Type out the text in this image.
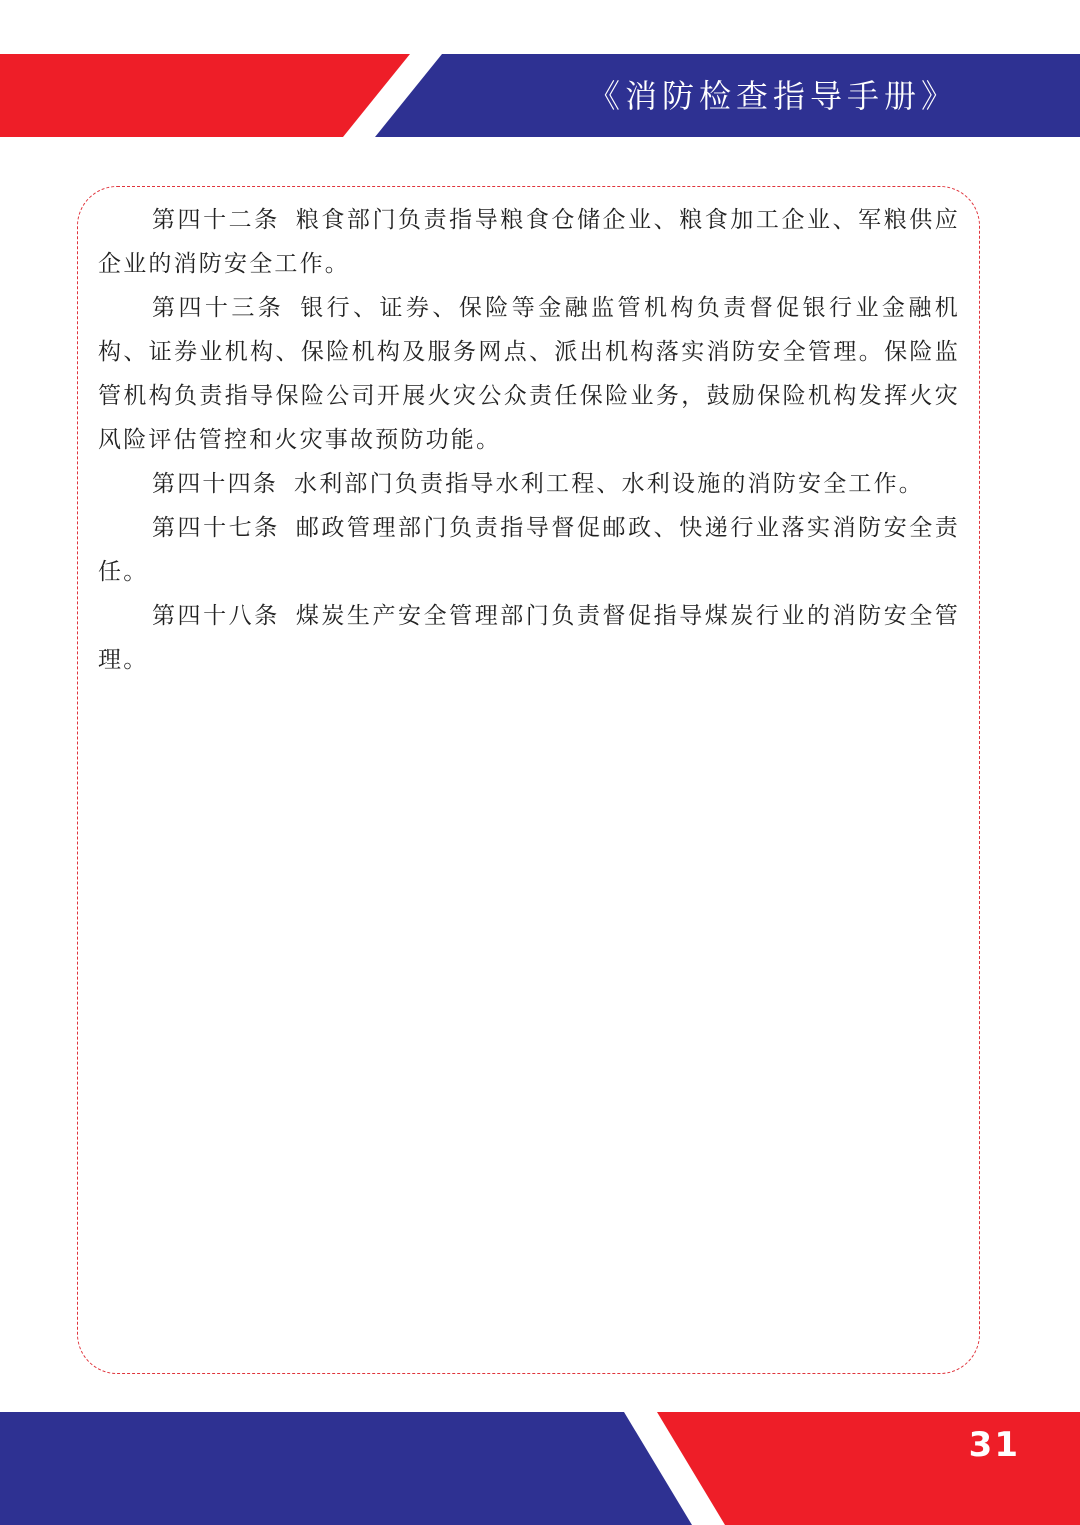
《消防检查指导手册》

第四十二条 粮食部门负责指导粮食仓储企业、粮食加工企业、军粮供应企业的消防安全工作。

第四十三条 银行、证券、保险等金融监管机构负责督促银行业金融机构、证券业机构、保险机构及服务网点、派出机构落实消防安全管理。保险监管机构负责指导保险公司开展火灾公众责任保险业务，鼓励保险机构发挥火灾风险评估管控和火灾事故预防功能。

第四十四条 水利部门负责指导水利工程、水利设施的消防安全工作。

第四十七条 邮政管理部门负责指导督促邮政、快递行业落实消防安全责任。

第四十八条 煤炭生产安全管理部门负责督促指导煤炭行业的消防安全管理。
